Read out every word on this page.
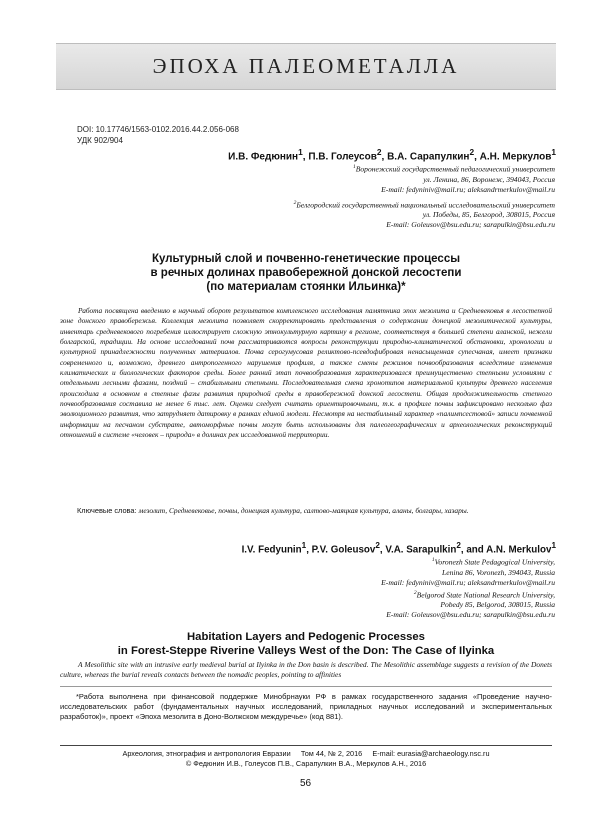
ЭПОХА ПАЛЕОМЕТАЛЛА
DOI: 10.17746/1563-0102.2016.44.2.056-068
УДК 902/904
И.В. Федюнин$^1$, П.В. Голеусов$^2$, В.А. Сарапулкин$^2$, А.Н. Меркулов$^1$
$^1$Воронежский государственный педагогический университет
ул. Ленина, 86, Воронеж, 394043, Россия
E-mail: fedyniniv@mail.ru; aleksandrmerkulov@mail.ru
$^2$Белгородский государственный национальный исследовательский университет
ул. Победы, 85, Белгород, 308015, Россия
E-mail: Goleusov@bsu.edu.ru; sarapulkin@bsu.edu.ru
Культурный слой и почвенно-генетические процессы
в речных долинах правобережной донской лесостепи
(по материалам стоянки Ильинка)*
Работа посвящена введению в научный оборот результатов комплексного исследования памятника эпох мезолита и Средневековья в лесостепной зоне донского правобережья. Коллекция мезолита позволяет скорректировать представления о содержании донецкой мезолитической культуры, инвентарь средневекового погребения иллюстрирует сложную этнокультурную картину в регионе, соответствуя в большей степени аланской, нежели болгарской, традиции. На основе исследований почв рассматриваются вопросы реконструкции природно-климатической обстановки, хронологии и культурной принадлежности полученных материалов. Почва серогумусовая реликтово-псевдофибровая ненасыщенная супесчаная, имеет признаки современного и, возможно, древнего антропогенного нарушения профиля, а также смены режимов почвообразования вследствие изменения климатических и биологических факторов среды. Более ранний этап почвообразования характеризовался преимущественно степными условиями с отдельными лесными фазами, поздний – стабильными степными. Последовательная смена хронотипов материальной культуры древнего населения происходила в основном в степные фазы развития природной среды в правобережной донской лесостепи. Общая продолжительность степного почвообразования составила не менее 6 тыс. лет. Оценки следует считать ориентировочными, т.к. в профиле почвы зафиксировано несколько фаз эволюционного развития, что затрудняет датировку в рамках единой модели. Несмотря на нестабильный характер «палимпсестовой» записи почвенной информации на песчаном субстрате, автоморфные почвы могут быть использованы для палеогеографических и археологических реконструкций отношений в системе «человек – природа» в долинах рек исследованной территории.
Ключевые слова: мезолит, Средневековье, почвы, донецкая культура, салтово-маяцкая культура, аланы, болгары, хазары.
I.V. Fedyunin$^1$, P.V. Goleusov$^2$, V.A. Sarapulkin$^2$, and A.N. Merkulov$^1$
$^1$Voronezh State Pedagogical University,
Lenina 86, Voronezh, 394043, Russia
E-mail: fedyniniv@mail.ru; aleksandrmerkulov@mail.ru
$^2$Belgorod State National Research University,
Pobedy 85, Belgorod, 308015, Russia
E-mail: Goleusov@bsu.edu.ru; sarapulkin@bsu.edu.ru
Habitation Layers and Pedogenic Processes
in Forest-Steppe Riverine Valleys West of the Don: The Case of Ilyinka
A Mesolithic site with an intrusive early medieval burial at Ilyinka in the Don basin is described. The Mesolithic assemblage suggests a revision of the Donets culture, whereas the burial reveals contacts between the nomadic peoples, pointing to affinities
*Работа выполнена при финансовой поддержке Минобрнауки РФ в рамках государственного задания «Проведение научно-исследовательских работ (фундаментальных научных исследований, прикладных научных исследований и экспериментальных разработок)», проект «Эпоха мезолита в Доно-Волжском междуречье» (код 881).
Археология, этнография и антропология Евразии Том 44, № 2, 2016 E-mail: eurasia@archaeology.nsc.ru
© Федюнин И.В., Голеусов П.В., Сарапулкин В.А., Меркулов А.Н., 2016
56
